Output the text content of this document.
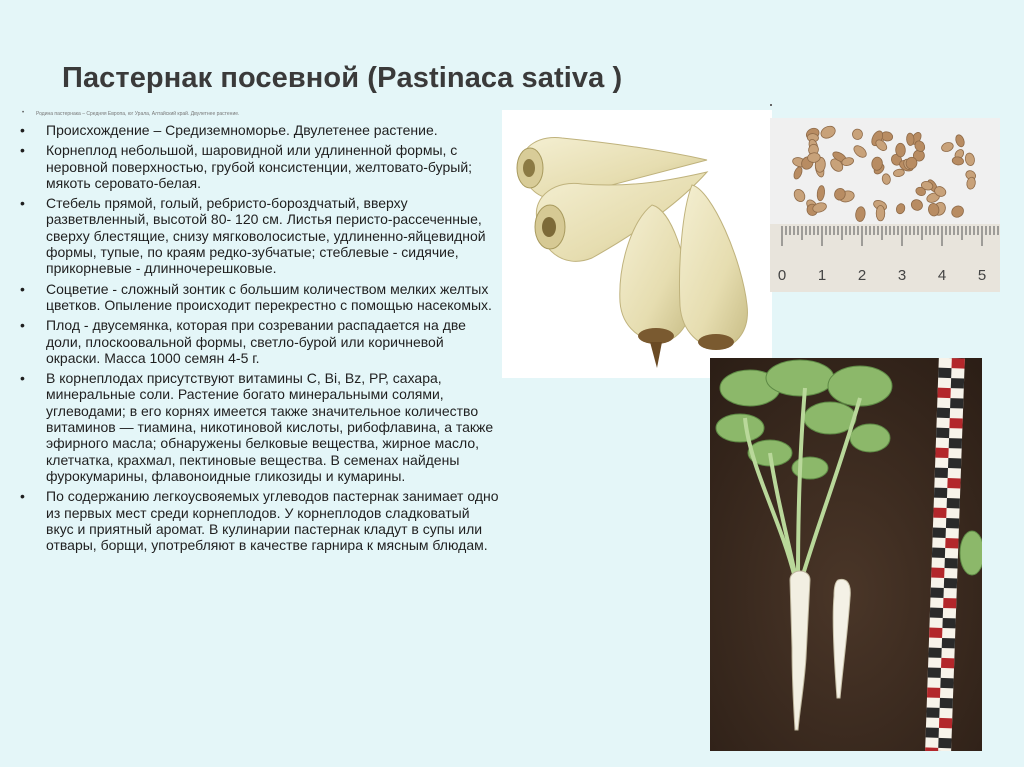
Пастернак посевной (Pastinaca sativa )
• Родина пастернака – Средняя Европа, юг Урала, Алтайский край. Двулетнее растение.
•	Происхождение – Средиземноморье. Двулетенее растение.
•	Корнеплод небольшой, шаровидной или удлиненной формы, с неровной поверхностью, грубой консистенции, желтовато-бурый; мякоть серовато-белая.
•	Стебель прямой, голый, ребристо-бороздчатый, вверху разветвленный, высотой 80- 120 см. Листья перисто-рассеченные, сверху блестящие, снизу мягковолосистые, удлиненно-яйцевидной формы, тупые, по краям редко-зубчатые; стеблевые - сидячие, прикорневые - длинночерешковые.
•	Соцветие - сложный зонтик с большим количеством мелких желтых цветков. Опыление происходит перекрестно с помощью насекомых.
•	Плод - двусемянка, которая при созревании распадается на две доли, плоскоовальной формы, светло-бурой или коричневой окраски. Масса 1000 семян 4-5 г.
•	В корнеплодах присутствуют витамины С, Вi, Вz, РР, сахара, минеральные соли. Растение богато минеральными солями, углеводами; в его корнях имеется также значительное количество витаминов — тиамина, никотиновой кислоты, рибофлавина, а также эфирного масла; обнаружены белковые вещества, жирное масло, клетчатка, крахмал, пектиновые вещества. В семенах найдены фурокумарины, флавоноидные гликозиды и кумарины.
•	По содержанию легкоусвояемых углеводов пастернак занимает одно из первых мест среди корнеплодов. У корнеплодов сладковатый вкус и приятный аромат. В кулинарии пастернак кладут в супы или отвары, борщи, употребляют в качестве гарнира к мясным блюдам.
0 1 2 3 4 5
